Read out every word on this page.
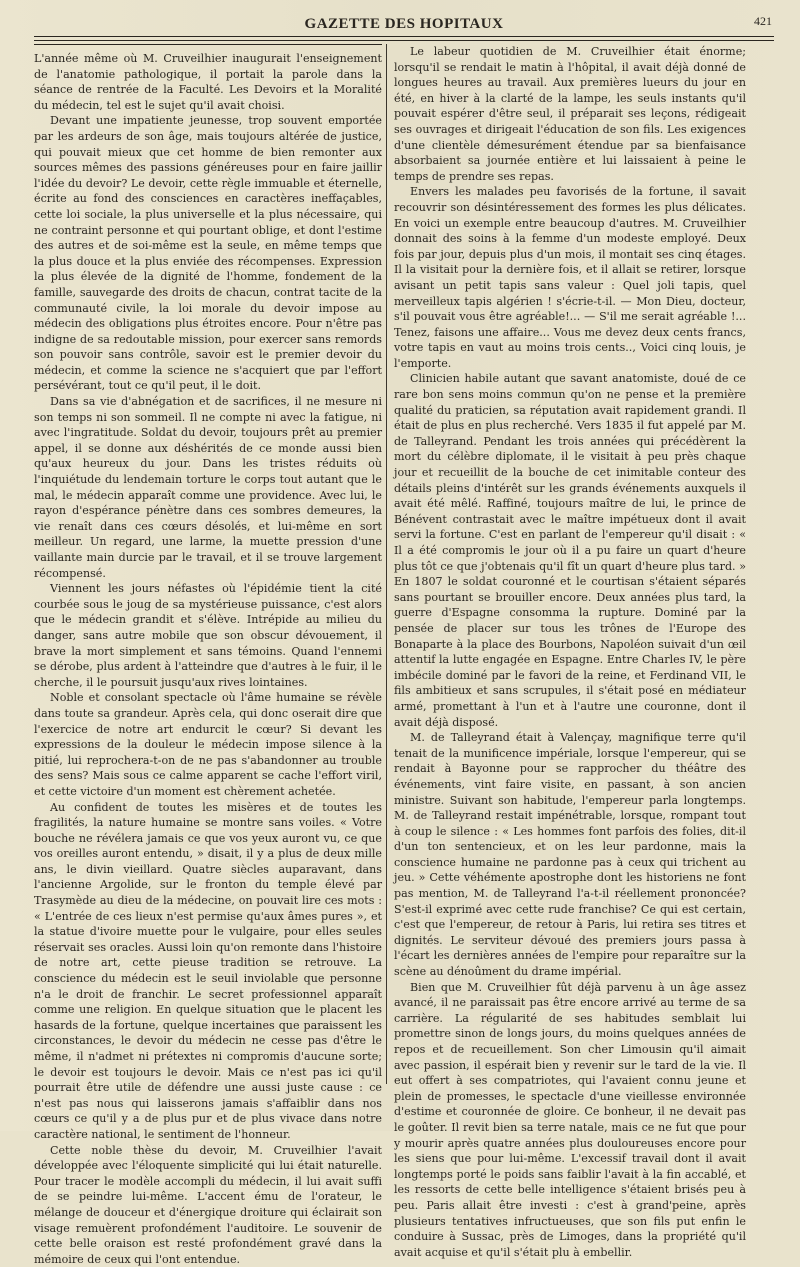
GAZETTE DES HOPITAUX	421

L'année même où M. Cruveilhier inaugurait l'enseignement de l'anatomie pathologique, il portait la parole dans la séance de rentrée de la Faculté. Les Devoirs et la Moralité du médecin, tel est le sujet qu'il avait choisi.

Devant une impatiente jeunesse, trop souvent emportée par les ardeurs de son âge, mais toujours altérée de justice, qui pouvait mieux que cet homme de bien remonter aux sources mêmes des passions généreuses pour en faire jaillir l'idée du devoir? Le devoir, cette règle immuable et éternelle, écrite au fond des consciences en caractères ineffaçables, cette loi sociale, la plus universelle et la plus nécessaire, qui ne contraint personne et qui pourtant oblige, et dont l'estime des autres et de soi-même est la seule, en même temps que la plus douce et la plus enviée des récompenses. Expression la plus élevée de la dignité de l'homme, fondement de la famille, sauvegarde des droits de chacun, contrat tacite de la communauté civile, la loi morale du devoir impose au médecin des obligations plus étroites encore. Pour n'être pas indigne de sa redoutable mission, pour exercer sans remords son pouvoir sans contrôle, savoir est le premier devoir du médecin, et comme la science ne s'acquiert que par l'effort persévérant, tout ce qu'il peut, il le doit.

Dans sa vie d'abnégation et de sacrifices, il ne mesure ni son temps ni son sommeil. Il ne compte ni avec la fatigue, ni avec l'ingratitude. Soldat du devoir, toujours prêt au premier appel, il se donne aux déshérités de ce monde aussi bien qu'aux heureux du jour. Dans les tristes réduits où l'inquiétude du lendemain torture le corps tout autant que le mal, le médecin apparaît comme une providence. Avec lui, le rayon d'espérance pénètre dans ces sombres demeures, la vie renaît dans ces cœurs désolés, et lui-même en sort meilleur. Un regard, une larme, la muette pression d'une vaillante main durcie par le travail, et il se trouve largement récompensé.

Viennent les jours néfastes où l'épidémie tient la cité courbée sous le joug de sa mystérieuse puissance, c'est alors que le médecin grandit et s'élève. Intrépide au milieu du danger, sans autre mobile que son obscur dévouement, il brave la mort simplement et sans témoins. Quand l'ennemi se dérobe, plus ardent à l'atteindre que d'autres à le fuir, il le cherche, il le poursuit jusqu'aux rives lointaines.

Noble et consolant spectacle où l'âme humaine se révèle dans toute sa grandeur. Après cela, qui donc oserait dire que l'exercice de notre art endurcit le cœur? Si devant les expressions de la douleur le médecin impose silence à la pitié, lui reprochera-t-on de ne pas s'abandonner au trouble des sens? Mais sous ce calme apparent se cache l'effort viril, et cette victoire d'un moment est chèrement achetée.

Au confident de toutes les misères et de toutes les fragilités, la nature humaine se montre sans voiles. « Votre bouche ne révélera jamais ce que vos yeux auront vu, ce que vos oreilles auront entendu, » disait, il y a plus de deux mille ans, le divin vieillard. Quatre siècles auparavant, dans l'ancienne Argolide, sur le fronton du temple élevé par Trasymède au dieu de la médecine, on pouvait lire ces mots : « L'entrée de ces lieux n'est permise qu'aux âmes pures », et la statue d'ivoire muette pour le vulgaire, pour elles seules réservait ses oracles. Aussi loin qu'on remonte dans l'histoire de notre art, cette pieuse tradition se retrouve. La conscience du médecin est le seuil inviolable que personne n'a le droit de franchir. Le secret professionnel apparaît comme une religion. En quelque situation que le placent les hasards de la fortune, quelque incertaines que paraissent les circonstances, le devoir du médecin ne cesse pas d'être le même, il n'admet ni prétextes ni compromis d'aucune sorte; le devoir est toujours le devoir. Mais ce n'est pas ici qu'il pourrait être utile de défendre une aussi juste cause : ce n'est pas nous qui laisserons jamais s'affaiblir dans nos cœurs ce qu'il y a de plus pur et de plus vivace dans notre caractère national, le sentiment de l'honneur.

Cette noble thèse du devoir, M. Cruveilhier l'avait développée avec l'éloquente simplicité qui lui était naturelle. Pour tracer le modèle accompli du médecin, il lui avait suffi de se peindre lui-même. L'accent ému de l'orateur, le mélange de douceur et d'énergique droiture qui éclairait son visage remuèrent profondément l'auditoire. Le souvenir de cette belle oraison est resté profondément gravé dans la mémoire de ceux qui l'ont entendue.

Le labeur quotidien de M. Cruveilhier était énorme; lorsqu'il se rendait le matin à l'hôpital, il avait déjà donné de longues heures au travail. Aux premières lueurs du jour en été, en hiver à la clarté de la lampe, les seuls instants qu'il pouvait espérer d'être seul, il préparait ses leçons, rédigeait ses ouvrages et dirigeait l'éducation de son fils. Les exigences d'une clientèle démesurément étendue par sa bienfaisance absorbaient sa journée entière et lui laissaient à peine le temps de prendre ses repas.

Envers les malades peu favorisés de la fortune, il savait recouvrir son désintéressement des formes les plus délicates. En voici un exemple entre beaucoup d'autres. M. Cruveilhier donnait des soins à la femme d'un modeste employé. Deux fois par jour, depuis plus d'un mois, il montait ses cinq étages. Il la visitait pour la dernière fois, et il allait se retirer, lorsque avisant un petit tapis sans valeur : Quel joli tapis, quel merveilleux tapis algérien ! s'écrie-t-il. — Mon Dieu, docteur, s'il pouvait vous être agréable!... — S'il me serait agréable !... Tenez, faisons une affaire... Vous me devez deux cents francs, votre tapis en vaut au moins trois cents.., Voici cinq louis, je l'emporte.

Clinicien habile autant que savant anatomiste, doué de ce rare bon sens moins commun qu'on ne pense et la première qualité du praticien, sa réputation avait rapidement grandi. Il était de plus en plus recherché. Vers 1835 il fut appelé par M. de Talleyrand. Pendant les trois années qui précédèrent la mort du célèbre diplomate, il le visitait à peu près chaque jour et recueillit de la bouche de cet inimitable conteur des détails pleins d'intérêt sur les grands événements auxquels il avait été mêlé. Raffiné, toujours maître de lui, le prince de Bénévent contrastait avec le maître impétueux dont il avait servi la fortune. C'est en parlant de l'empereur qu'il disait : « Il a été compromis le jour où il a pu faire un quart d'heure plus tôt ce que j'obtenais qu'il fît un quart d'heure plus tard. » En 1807 le soldat couronné et le courtisan s'étaient séparés sans pourtant se brouiller encore. Deux années plus tard, la guerre d'Espagne consomma la rupture. Dominé par la pensée de placer sur tous les trônes de l'Europe des Bonaparte à la place des Bourbons, Napoléon suivait d'un œil attentif la lutte engagée en Espagne. Entre Charles IV, le père imbécile dominé par le favori de la reine, et Ferdinand VII, le fils ambitieux et sans scrupules, il s'était posé en médiateur armé, promettant à l'un et à l'autre une couronne, dont il avait déjà disposé.

M. de Talleyrand était à Valençay, magnifique terre qu'il tenait de la munificence impériale, lorsque l'empereur, qui se rendait à Bayonne pour se rapprocher du théâtre des événements, vint faire visite, en passant, à son ancien ministre. Suivant son habitude, l'empereur parla longtemps. M. de Talleyrand restait impénétrable, lorsque, rompant tout à coup le silence : « Les hommes font parfois des folies, dit-il d'un ton sentencieux, et on les leur pardonne, mais la conscience humaine ne pardonne pas à ceux qui trichent au jeu. » Cette véhémente apostrophe dont les historiens ne font pas mention, M. de Talleyrand l'a-t-il réellement prononcée? S'est-il exprimé avec cette rude franchise? Ce qui est certain, c'est que l'empereur, de retour à Paris, lui retira ses titres et dignités. Le serviteur dévoué des premiers jours passa à l'écart les dernières années de l'empire pour reparaître sur la scène au dénoûment du drame impérial.

Bien que M. Cruveilhier fût déjà parvenu à un âge assez avancé, il ne paraissait pas être encore arrivé au terme de sa carrière. La régularité de ses habitudes semblait lui promettre sinon de longs jours, du moins quelques années de repos et de recueillement. Son cher Limousin qu'il aimait avec passion, il espérait bien y revenir sur le tard de la vie. Il eut offert à ses compatriotes, qui l'avaient connu jeune et plein de promesses, le spectacle d'une vieillesse environnée d'estime et couronnée de gloire. Ce bonheur, il ne devait pas le goûter. Il revit bien sa terre natale, mais ce ne fut que pour y mourir après quatre années plus douloureuses encore pour les siens que pour lui-même. L'excessif travail dont il avait longtemps porté le poids sans faiblir l'avait à la fin accablé, et les ressorts de cette belle intelligence s'étaient brisés peu à peu. Paris allait être investi : c'est à grand'peine, après plusieurs tentatives infructueuses, que son fils put enfin le conduire à Sussac, près de Limoges, dans la propriété qu'il avait acquise et qu'il s'était plu à embellir.
